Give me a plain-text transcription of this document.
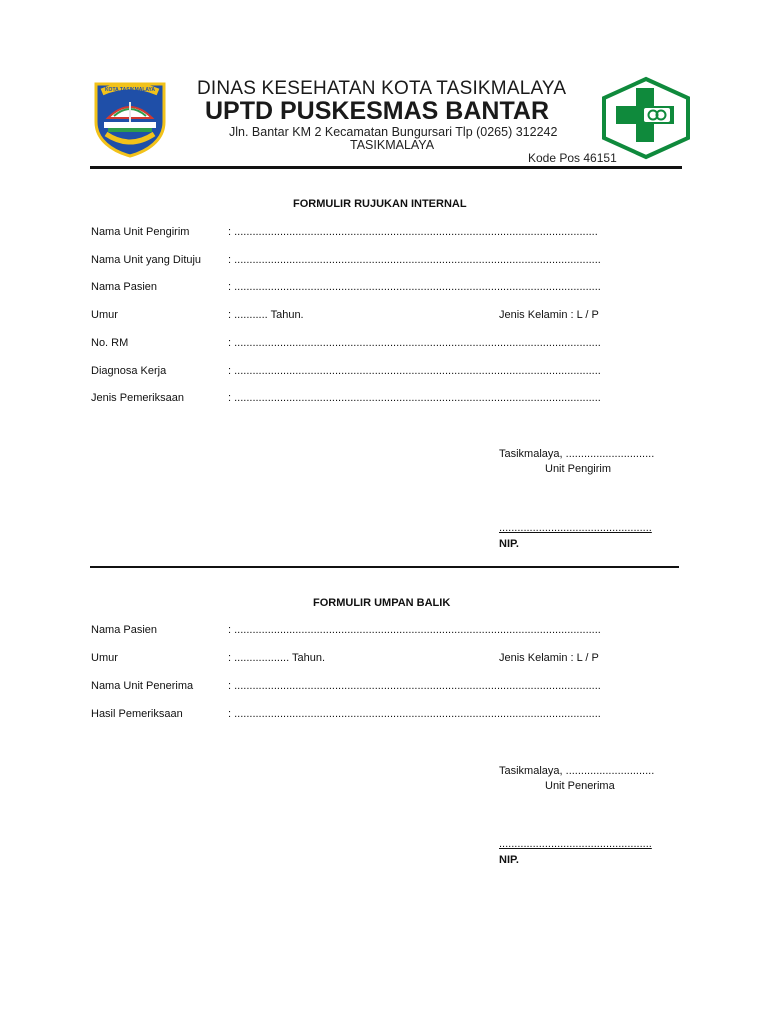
KOTA TASIKMALAYA DINAS KESEHATAN KOTA TASIKMALAYA
UPTD PUSKESMAS BANTAR
Jln. Bantar KM 2 Kecamatan Bungursari Tlp (0265) 312242
TASIKMALAYA
Kode Pos 46151
FORMULIR RUJUKAN INTERNAL
Nama Unit Pengirim	: .......................................................................................................................
Nama Unit yang Dituju : ........................................................................................................................
Nama Pasien	: ........................................................................................................................
Umur	: ........... Tahun.	Jenis Kelamin : L / P
No. RM	: ........................................................................................................................
Diagnosa Kerja	: ........................................................................................................................
Jenis Pemeriksaan	: ........................................................................................................................
Tasikmalaya, .............................
Unit Pengirim
..................................................
NIP.
FORMULIR UMPAN BALIK
Nama Pasien	: ........................................................................................................................
Umur	: .................. Tahun.	Jenis Kelamin : L / P
Nama Unit Penerima	: ........................................................................................................................
Hasil Pemeriksaan	: ........................................................................................................................
Tasikmalaya, .............................
Unit Penerima
..................................................
NIP.
